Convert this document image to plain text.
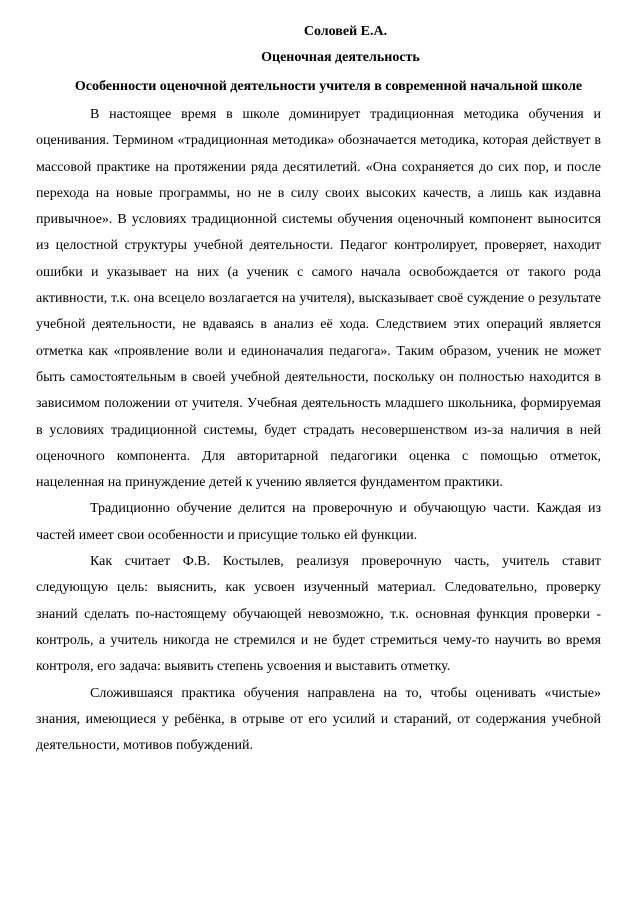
Соловей Е.А.
Оценочная деятельность
Особенности оценочной деятельности учителя в современной начальной школе

В настоящее время в школе доминирует традиционная методика обучения и оценивания. Термином «традиционная методика» обозначается методика, которая действует в массовой практике на протяжении ряда десятилетий. «Она сохраняется до сих пор, и после перехода на новые программы, но не в силу своих высоких качеств, а лишь как издавна привычное». В условиях традиционной системы обучения оценочный компонент выносится из целостной структуры учебной деятельности. Педагог контролирует, проверяет, находит ошибки и указывает на них (а ученик с самого начала освобождается от такого рода активности, т.к. она всецело возлагается на учителя), высказывает своё суждение о результате учебной деятельности, не вдаваясь в анализ её хода. Следствием этих операций является отметка как «проявление воли и единоначалия педагога». Таким образом, ученик не может быть самостоятельным в своей учебной деятельности, поскольку он полностью находится в зависимом положении от учителя. Учебная деятельность младшего школьника, формируемая в условиях традиционной системы, будет страдать несовершенством из-за наличия в ней оценочного компонента. Для авторитарной педагогики оценка с помощью отметок, нацеленная на принуждение детей к учению является фундаментом практики.

Традиционно обучение делится на проверочную и обучающую части. Каждая из частей имеет свои особенности и присущие только ей функции.

Как считает Ф.В. Костылев, реализуя проверочную часть, учитель ставит следующую цель: выяснить, как усвоен изученный материал. Следовательно, проверку знаний сделать по-настоящему обучающей невозможно, т.к. основная функция проверки - контроль, а учитель никогда не стремился и не будет стремиться чему-то научить во время контроля, его задача: выявить степень усвоения и выставить отметку.

Сложившаяся практика обучения направлена на то, чтобы оценивать «чистые» знания, имеющиеся у ребёнка, в отрыве от его усилий и стараний, от содержания учебной деятельности, мотивов побуждений.
